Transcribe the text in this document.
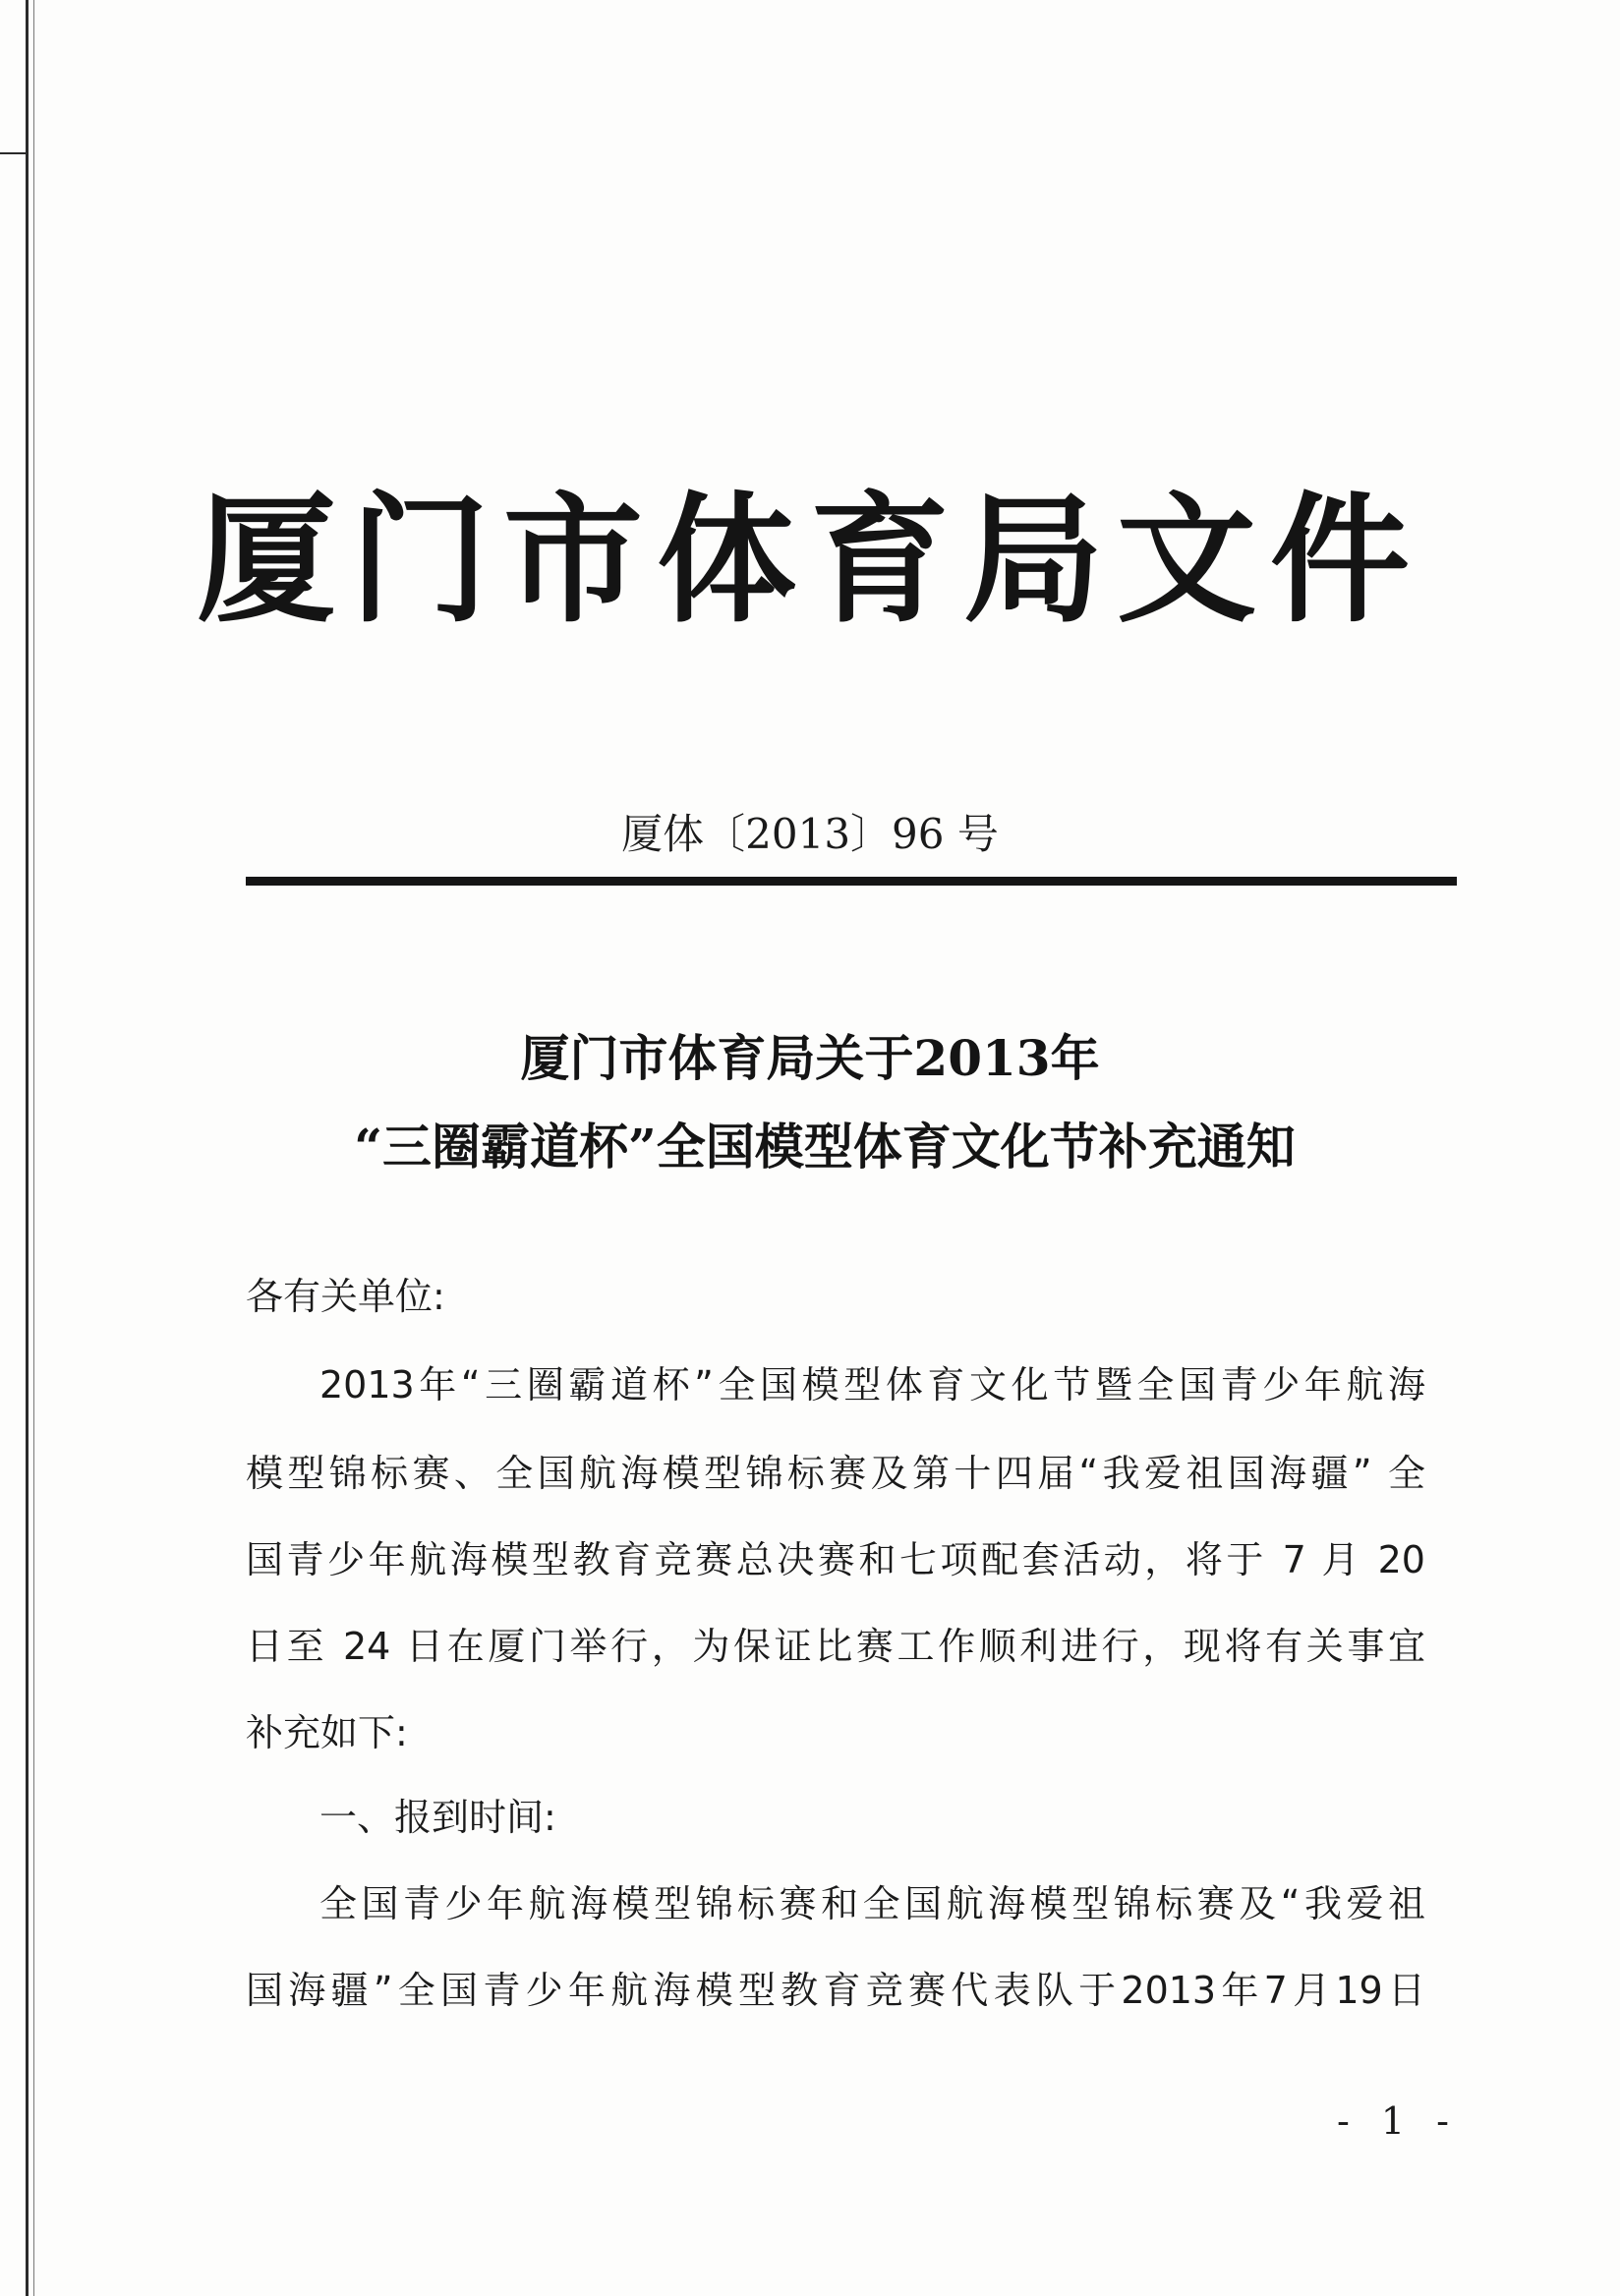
厦门市体育局文件
厦体〔2013〕96 号
厦门市体育局关于2013年
“三圈霸道杯”全国模型体育文化节补充通知
各有关单位:
2013年“三圈霸道杯”全国模型体育文化节暨全国青少年航海
模型锦标赛、全国航海模型锦标赛及第十四届“我爱祖国海疆” 全
国青少年航海模型教育竞赛总决赛和七项配套活动，将于 7 月 20
日至 24 日在厦门举行，为保证比赛工作顺利进行，现将有关事宜
补充如下:
一、报到时间:
全国青少年航海模型锦标赛和全国航海模型锦标赛及“我爱祖
国海疆”全国青少年航海模型教育竞赛代表队于2013年7月19日
- 1 -
